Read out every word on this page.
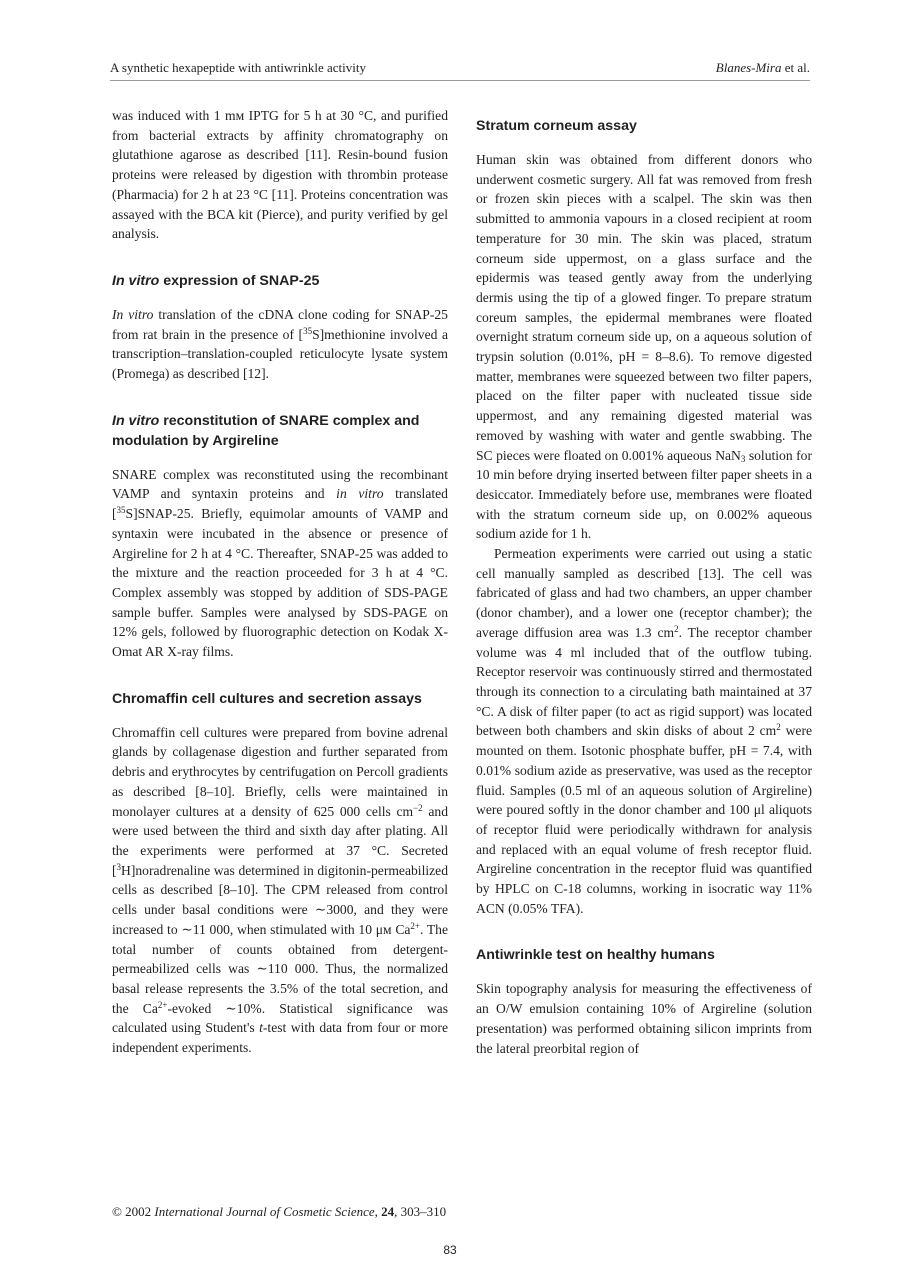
A synthetic hexapeptide with antiwrinkle activity	Blanes-Mira et al.

was induced with 1 mᴍ IPTG for 5 h at 30 °C, and purified from bacterial extracts by affinity chromatography on glutathione agarose as described [11]. Resin-bound fusion proteins were released by digestion with thrombin protease (Pharmacia) for 2 h at 23 °C [11]. Proteins concentration was assayed with the BCA kit (Pierce), and purity verified by gel analysis.

In vitro expression of SNAP-25

In vitro translation of the cDNA clone coding for SNAP-25 from rat brain in the presence of [$^{35}$S]methionine involved a transcription–translation-coupled reticulocyte lysate system (Promega) as described [12].

In vitro reconstitution of SNARE complex and modulation by Argireline

SNARE complex was reconstituted using the recombinant VAMP and syntaxin proteins and in vitro translated [$^{35}$S]SNAP-25. Briefly, equimolar amounts of VAMP and syntaxin were incubated in the absence or presence of Argireline for 2 h at 4 °C. Thereafter, SNAP-25 was added to the mixture and the reaction proceeded for 3 h at 4 °C. Complex assembly was stopped by addition of SDS-PAGE sample buffer. Samples were analysed by SDS-PAGE on 12% gels, followed by fluorographic detection on Kodak X-Omat AR X-ray films.

Chromaffin cell cultures and secretion assays

Chromaffin cell cultures were prepared from bovine adrenal glands by collagenase digestion and further separated from debris and erythrocytes by centrifugation on Percoll gradients as described [8–10]. Briefly, cells were maintained in monolayer cultures at a density of 625 000 cells $cm^{-2}$ and were used between the third and sixth day after plating. All the experiments were performed at 37 °C. Secreted [$^3$H]noradrenaline was determined in digitonin-permeabilized cells as described [8–10]. The CPM released from control cells under basal conditions were ∼3000, and they were increased to ∼11 000, when stimulated with 10 μᴍ $Ca^{2+}$. The total number of counts obtained from detergent-permeabilized cells was ∼110 000. Thus, the normalized basal release represents the 3.5% of the total secretion, and the $Ca^{2+}$-evoked ∼10%. Statistical significance was calculated using Student's t-test with data from four or more independent experiments.

Stratum corneum assay

Human skin was obtained from different donors who underwent cosmetic surgery. All fat was removed from fresh or frozen skin pieces with a scalpel. The skin was then submitted to ammonia vapours in a closed recipient at room temperature for 30 min. The skin was placed, stratum corneum side uppermost, on a glass surface and the epidermis was teased gently away from the underlying dermis using the tip of a glowed finger. To prepare stratum coreum samples, the epidermal membranes were floated overnight stratum corneum side up, on a aqueous solution of trypsin solution (0.01%, pH = 8–8.6). To remove digested matter, membranes were squeezed between two filter papers, placed on the filter paper with nucleated tissue side uppermost, and any remaining digested material was removed by washing with water and gentle swabbing. The SC pieces were floated on 0.001% aqueous NaN$_3$ solution for 10 min before drying inserted between filter paper sheets in a desiccator. Immediately before use, membranes were floated with the stratum corneum side up, on 0.002% aqueous sodium azide for 1 h.

Permeation experiments were carried out using a static cell manually sampled as described [13]. The cell was fabricated of glass and had two chambers, an upper chamber (donor chamber), and a lower one (receptor chamber); the average diffusion area was 1.3 $cm^2$. The receptor chamber volume was 4 ml included that of the outflow tubing. Receptor reservoir was continuously stirred and thermostated through its connection to a circulating bath maintained at 37 °C. A disk of filter paper (to act as rigid support) was located between both chambers and skin disks of about 2 $cm^2$ were mounted on them. Isotonic phosphate buffer, pH = 7.4, with 0.01% sodium azide as preservative, was used as the receptor fluid. Samples (0.5 ml of an aqueous solution of Argireline) were poured softly in the donor chamber and 100 μl aliquots of receptor fluid were periodically withdrawn for analysis and replaced with an equal volume of fresh receptor fluid. Argireline concentration in the receptor fluid was quantified by HPLC on C-18 columns, working in isocratic way 11% ACN (0.05% TFA).

Antiwrinkle test on healthy humans

Skin topography analysis for measuring the effectiveness of an O/W emulsion containing 10% of Argireline (solution presentation) was performed obtaining silicon imprints from the lateral preorbital region of

© 2002 International Journal of Cosmetic Science, 24, 303–310
83
